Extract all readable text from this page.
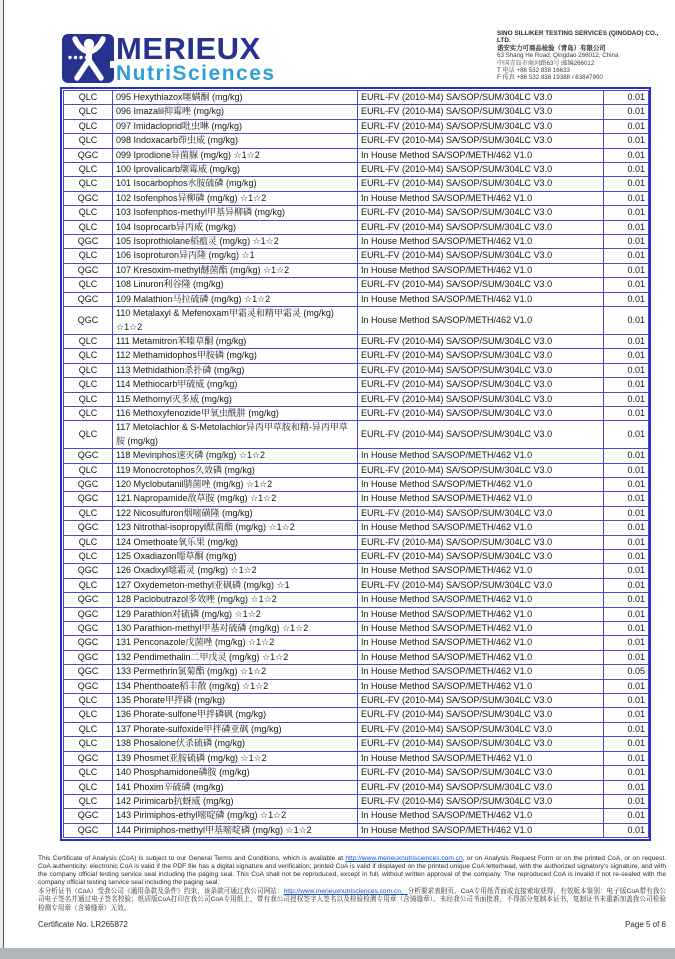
MERIEUX
NutriSciences
SINO SILLIKER TESTING SERVICES (QINGDAO) CO., LTD.
诺安实力可商品检验（青岛）有限公司
63 Shang He Road, Qingdao 266012, China
中国青岛市商河路63号 邮编266012
T 电话 +86 532 838 16633
F 传真 +86 532 838 19388 / 83847900
QLC	095 Hexythiazox噻螨酮 (mg/kg)	EURL-FV (2010-M4) SA/SOP/SUM/304LC V3.0	0.01
QLC	096 Imazalil抑霉唑 (mg/kg)	EURL-FV (2010-M4) SA/SOP/SUM/304LC V3.0	0.01
QLC	097 Imidacloprid吡虫啉 (mg/kg)	EURL-FV (2010-M4) SA/SOP/SUM/304LC V3.0	0.01
QLC	098 Indoxacarb茚虫威 (mg/kg)	EURL-FV (2010-M4) SA/SOP/SUM/304LC V3.0	0.01
QGC	099 Iprodione异菌脲 (mg/kg) ☆1☆2	In House Method SA/SOP/METH/462 V1.0	0.01
QLC	100 Iprovalicarb缬霉威 (mg/kg)	EURL-FV (2010-M4) SA/SOP/SUM/304LC V3.0	0.01
QLC	101 Isocarbophos水胺硫磷 (mg/kg)	EURL-FV (2010-M4) SA/SOP/SUM/304LC V3.0	0.01
QGC	102 Isofenphos异柳磷 (mg/kg) ☆1☆2	In House Method SA/SOP/METH/462 V1.0	0.01
QLC	103 Isofenphos-methyl甲基异柳磷 (mg/kg)	EURL-FV (2010-M4) SA/SOP/SUM/304LC V3.0	0.01
QLC	104 Isoprocarb异丙威 (mg/kg)	EURL-FV (2010-M4) SA/SOP/SUM/304LC V3.0	0.01
QGC	105 Isoprothiolane稻瘟灵 (mg/kg) ☆1☆2	In House Method SA/SOP/METH/462 V1.0	0.01
QLC	106 Isoproturon异丙隆 (mg/kg) ☆1	EURL-FV (2010-M4) SA/SOP/SUM/304LC V3.0	0.01
QGC	107 Kresoxim-methyl醚菌酯 (mg/kg) ☆1☆2	In House Method SA/SOP/METH/462 V1.0	0.01
QLC	108 Linuron利谷隆 (mg/kg)	EURL-FV (2010-M4) SA/SOP/SUM/304LC V3.0	0.01
QGC	109 Malathion马拉硫磷 (mg/kg) ☆1☆2	In House Method SA/SOP/METH/462 V1.0	0.01
QGC	110 Metalaxyl & Mefenoxam甲霜灵和精甲霜灵 (mg/kg) ☆1☆2	In House Method SA/SOP/METH/462 V1.0	0.01
QLC	111 Metamitron苯嗪草酮 (mg/kg)	EURL-FV (2010-M4) SA/SOP/SUM/304LC V3.0	0.01
QLC	112 Methamidophos甲胺磷 (mg/kg)	EURL-FV (2010-M4) SA/SOP/SUM/304LC V3.0	0.01
QLC	113 Methidathion杀扑磷 (mg/kg)	EURL-FV (2010-M4) SA/SOP/SUM/304LC V3.0	0.01
QLC	114 Methiocarb甲硫威 (mg/kg)	EURL-FV (2010-M4) SA/SOP/SUM/304LC V3.0	0.01
QLC	115 Methomyl灭多威 (mg/kg)	EURL-FV (2010-M4) SA/SOP/SUM/304LC V3.0	0.01
QLC	116 Methoxyfenozide甲氧虫酰肼 (mg/kg)	EURL-FV (2010-M4) SA/SOP/SUM/304LC V3.0	0.01
QLC	117 Metolachlor & S-Metolachlor异丙甲草胺和精-异丙甲草胺 (mg/kg)	EURL-FV (2010-M4) SA/SOP/SUM/304LC V3.0	0.01
QGC	118 Mevinphos速灭磷 (mg/kg) ☆1☆2	In House Method SA/SOP/METH/462 V1.0	0.01
QLC	119 Monocrotophos久效磷 (mg/kg)	EURL-FV (2010-M4) SA/SOP/SUM/304LC V3.0	0.01
QGC	120 Myclobutanil腈菌唑 (mg/kg) ☆1☆2	In House Method SA/SOP/METH/462 V1.0	0.01
QGC	121 Napropamide敌草胺 (mg/kg) ☆1☆2	In House Method SA/SOP/METH/462 V1.0	0.01
QLC	122 Nicosulfuron烟嘧磺隆 (mg/kg)	EURL-FV (2010-M4) SA/SOP/SUM/304LC V3.0	0.01
QGC	123 Nitrothal-isopropyl酞菌酯 (mg/kg) ☆1☆2	In House Method SA/SOP/METH/462 V1.0	0.01
QLC	124 Omethoate氧乐果 (mg/kg)	EURL-FV (2010-M4) SA/SOP/SUM/304LC V3.0	0.01
QLC	125 Oxadiazon噁草酮 (mg/kg)	EURL-FV (2010-M4) SA/SOP/SUM/304LC V3.0	0.01
QGC	126 Oxadixyl噁霜灵 (mg/kg) ☆1☆2	In House Method SA/SOP/METH/462 V1.0	0.01
QLC	127 Oxydemeton-methyl亚砜磷 (mg/kg) ☆1	EURL-FV (2010-M4) SA/SOP/SUM/304LC V3.0	0.01
QGC	128 Paclobutrazol多效唑 (mg/kg) ☆1☆2	In House Method SA/SOP/METH/462 V1.0	0.01
QGC	129 Parathion对硫磷 (mg/kg) ☆1☆2	In House Method SA/SOP/METH/462 V1.0	0.01
QGC	130 Parathion-methyl甲基对硫磷 (mg/kg) ☆1☆2	In House Method SA/SOP/METH/462 V1.0	0.01
QGC	131 Penconazole戊菌唑 (mg/kg) ☆1☆2	In House Method SA/SOP/METH/462 V1.0	0.01
QGC	132 Pendimethalin二甲戊灵 (mg/kg) ☆1☆2	In House Method SA/SOP/METH/462 V1.0	0.01
QGC	133 Permethrin氯菊酯 (mg/kg) ☆1☆2	In House Method SA/SOP/METH/462 V1.0	0.05
QGC	134 Phenthoate稻丰散 (mg/kg) ☆1☆2	In House Method SA/SOP/METH/462 V1.0	0.01
QLC	135 Phorate甲拌磷 (mg/kg)	EURL-FV (2010-M4) SA/SOP/SUM/304LC V3.0	0.01
QLC	136 Phorate-sulfone甲拌磷砜 (mg/kg)	EURL-FV (2010-M4) SA/SOP/SUM/304LC V3.0	0.01
QLC	137 Phorate-sulfoxide甲拌磷亚砜 (mg/kg)	EURL-FV (2010-M4) SA/SOP/SUM/304LC V3.0	0.01
QLC	138 Phosalone伏杀硫磷 (mg/kg)	EURL-FV (2010-M4) SA/SOP/SUM/304LC V3.0	0.01
QGC	139 Phosmet亚胺硫磷 (mg/kg) ☆1☆2	In House Method SA/SOP/METH/462 V1.0	0.01
QLC	140 Phosphamidone磷胺 (mg/kg)	EURL-FV (2010-M4) SA/SOP/SUM/304LC V3.0	0.01
QLC	141 Phoxim辛硫磷 (mg/kg)	EURL-FV (2010-M4) SA/SOP/SUM/304LC V3.0	0.01
QLC	142 Pirimicarb抗蚜威 (mg/kg)	EURL-FV (2010-M4) SA/SOP/SUM/304LC V3.0	0.01
QGC	143 Pirimiphos-ethyl嘧啶磷 (mg/kg) ☆1☆2	In House Method SA/SOP/METH/462 V1.0	0.01
QGC	144 Pirimiphos-methyl甲基嘧啶磷 (mg/kg) ☆1☆2	In House Method SA/SOP/METH/462 V1.0	0.01
This Certificate of Analysis (CoA) is subject to our General Terms and Conditions, which is available at http://www.merieuxnutrisciences.com.cn, or on Analysis Request Form or on the printed CoA, or on request. CoA authenticity: electronic CoA is valid if the PDF file has a digital signature and verification; printed CoA is valid if displayed on the printed unique CoA letterhead, with the authorized signatory's signature, and with the company official testing service seal including the paging seal. This CoA shall not be reproduced, except in full, without written approval of the company. The reproduced CoA is invalid if not re-sealed with the company official testing service seal including the paging seal.
本分析证书（CoA）受我公司《通用条款及条件》约束，该条款可通过我公司网站：http://www.merieuxnutrisciences.com.cn，分析要求表附页、CoA专用纸背面或直接索取获得，有效版本鉴别：电子版CoA带有我公司电子签名并通过电子签名校验；纸质版CoA打印在我公司CoA专用纸上，带有我公司授权签字人签名以及检验检测专用章（含骑缝章）。未经我公司书面批准，不得部分复制本证书，复制证书未重新加盖我公司检验检测专用章（含骑缝章）无效。
Certificate No. LR265872	Page 5 of 6
